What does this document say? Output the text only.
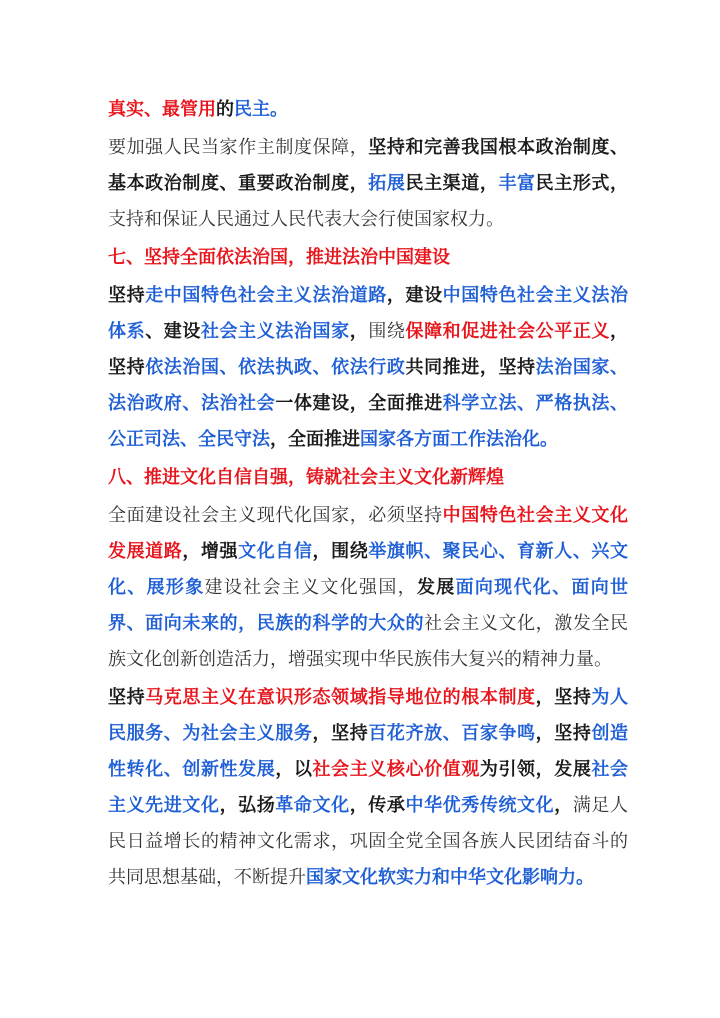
真实、最管用的民主。

要加强人民当家作主制度保障，坚持和完善我国根本政治制度、基本政治制度、重要政治制度，拓展民主渠道，丰富民主形式，支持和保证人民通过人民代表大会行使国家权力。

七、坚持全面依法治国，推进法治中国建设

坚持走中国特色社会主义法治道路，建设中国特色社会主义法治体系、建设社会主义法治国家，围绕保障和促进社会公平正义，坚持依法治国、依法执政、依法行政共同推进，坚持法治国家、法治政府、法治社会一体建设，全面推进科学立法、严格执法、公正司法、全民守法，全面推进国家各方面工作法治化。

八、推进文化自信自强，铸就社会主义文化新辉煌

全面建设社会主义现代化国家，必须坚持中国特色社会主义文化发展道路，增强文化自信，围绕举旗帜、聚民心、育新人、兴文化、展形象建设社会主义文化强国，发展面向现代化、面向世界、面向未来的，民族的科学的大众的社会主义文化，激发全民族文化创新创造活力，增强实现中华民族伟大复兴的精神力量。

坚持马克思主义在意识形态领域指导地位的根本制度，坚持为人民服务、为社会主义服务，坚持百花齐放、百家争鸣，坚持创造性转化、创新性发展，以社会主义核心价值观为引领，发展社会主义先进文化，弘扬革命文化，传承中华优秀传统文化，满足人民日益增长的精神文化需求，巩固全党全国各族人民团结奋斗的共同思想基础，不断提升国家文化软实力和中华文化影响力。
